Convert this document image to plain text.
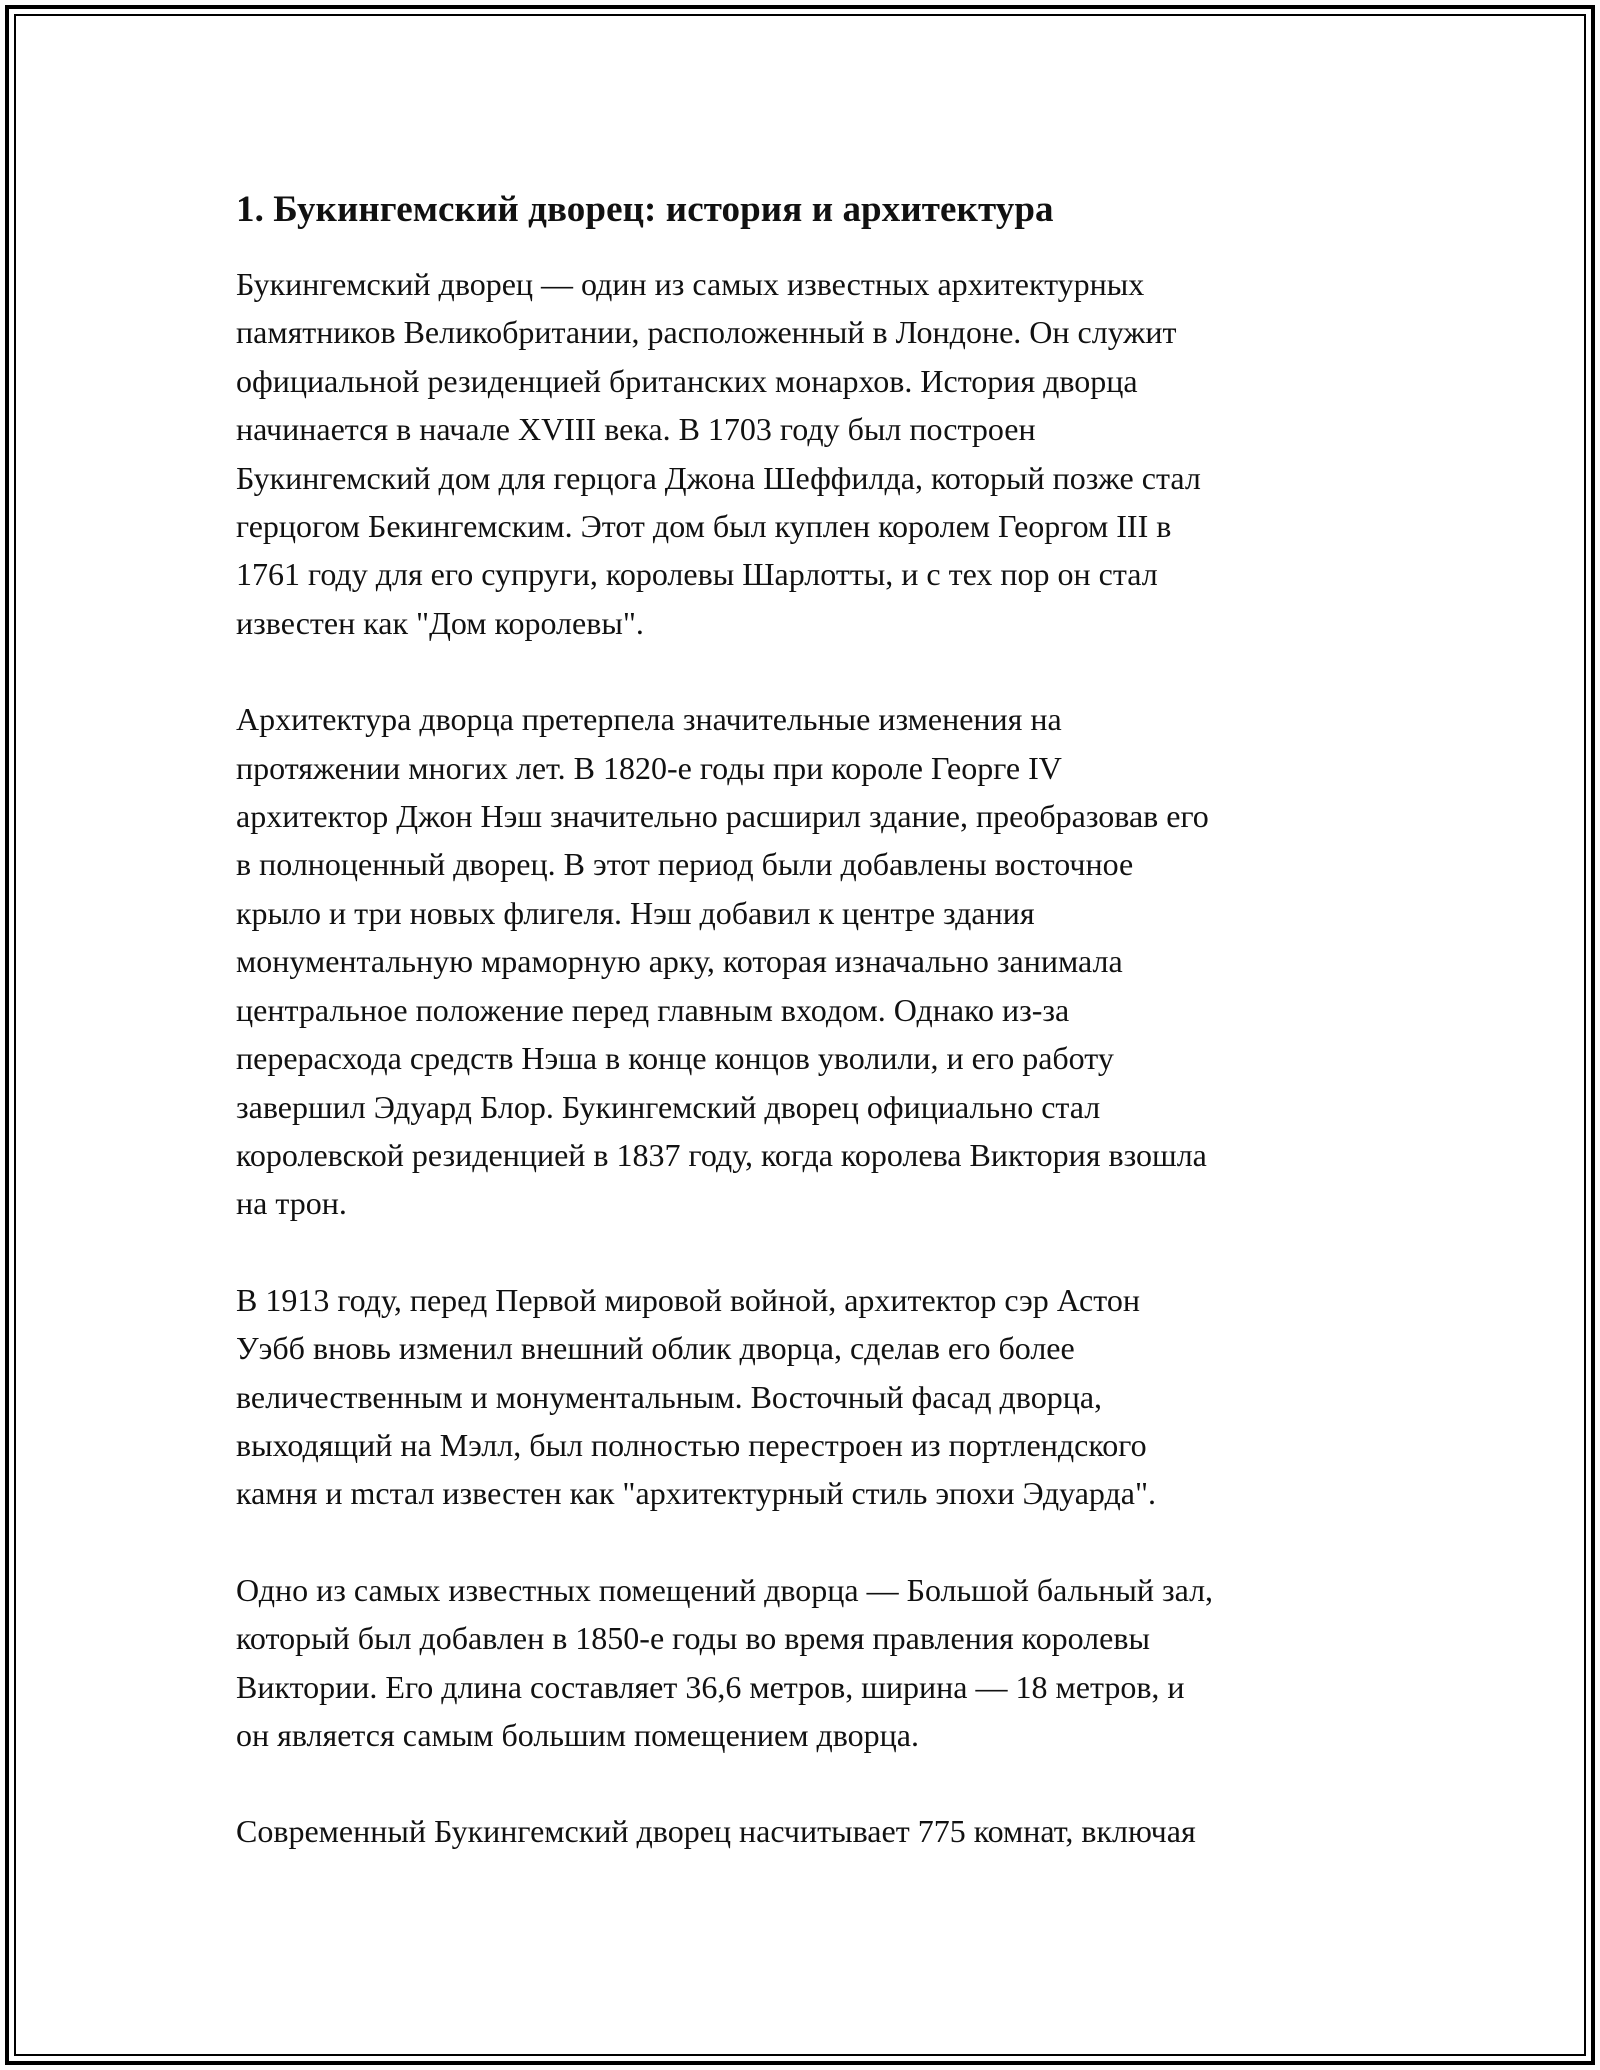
1. Букингемский дворец: история и архитектура

Букингемский дворец — один из самых известных архитектурных
памятников Великобритании, расположенный в Лондоне. Он служит
официальной резиденцией британских монархов. История дворца
начинается в начале XVIII века. В 1703 году был построен
Букингемский дом для герцога Джона Шеффилда, который позже стал
герцогом Бекингемским. Этот дом был куплен королем Георгом III в
1761 году для его супруги, королевы Шарлотты, и с тех пор он стал
известен как "Дом королевы".

Архитектура дворца претерпела значительные изменения на
протяжении многих лет. В 1820-е годы при короле Георге IV
архитектор Джон Нэш значительно расширил здание, преобразовав его
в полноценный дворец. В этот период были добавлены восточное
крыло и три новых флигеля. Нэш добавил к центре здания
монументальную мраморную арку, которая изначально занимала
центральное положение перед главным входом. Однако из-за
перерасхода средств Нэша в конце концов уволили, и его работу
завершил Эдуард Блор. Букингемский дворец официально стал
королевской резиденцией в 1837 году, когда королева Виктория взошла
на трон.

В 1913 году, перед Первой мировой войной, архитектор сэр Астон
Уэбб вновь изменил внешний облик дворца, сделав его более
величественным и монументальным. Восточный фасад дворца,
выходящий на Мэлл, был полностью перестроен из портлендского
камня и mстал известен как "архитектурный стиль эпохи Эдуарда".

Одно из самых известных помещений дворца — Большой бальный зал,
который был добавлен в 1850-е годы во время правления королевы
Виктории. Его длина составляет 36,6 метров, ширина — 18 метров, и
он является самым большим помещением дворца.

Современный Букингемский дворец насчитывает 775 комнат, включая
